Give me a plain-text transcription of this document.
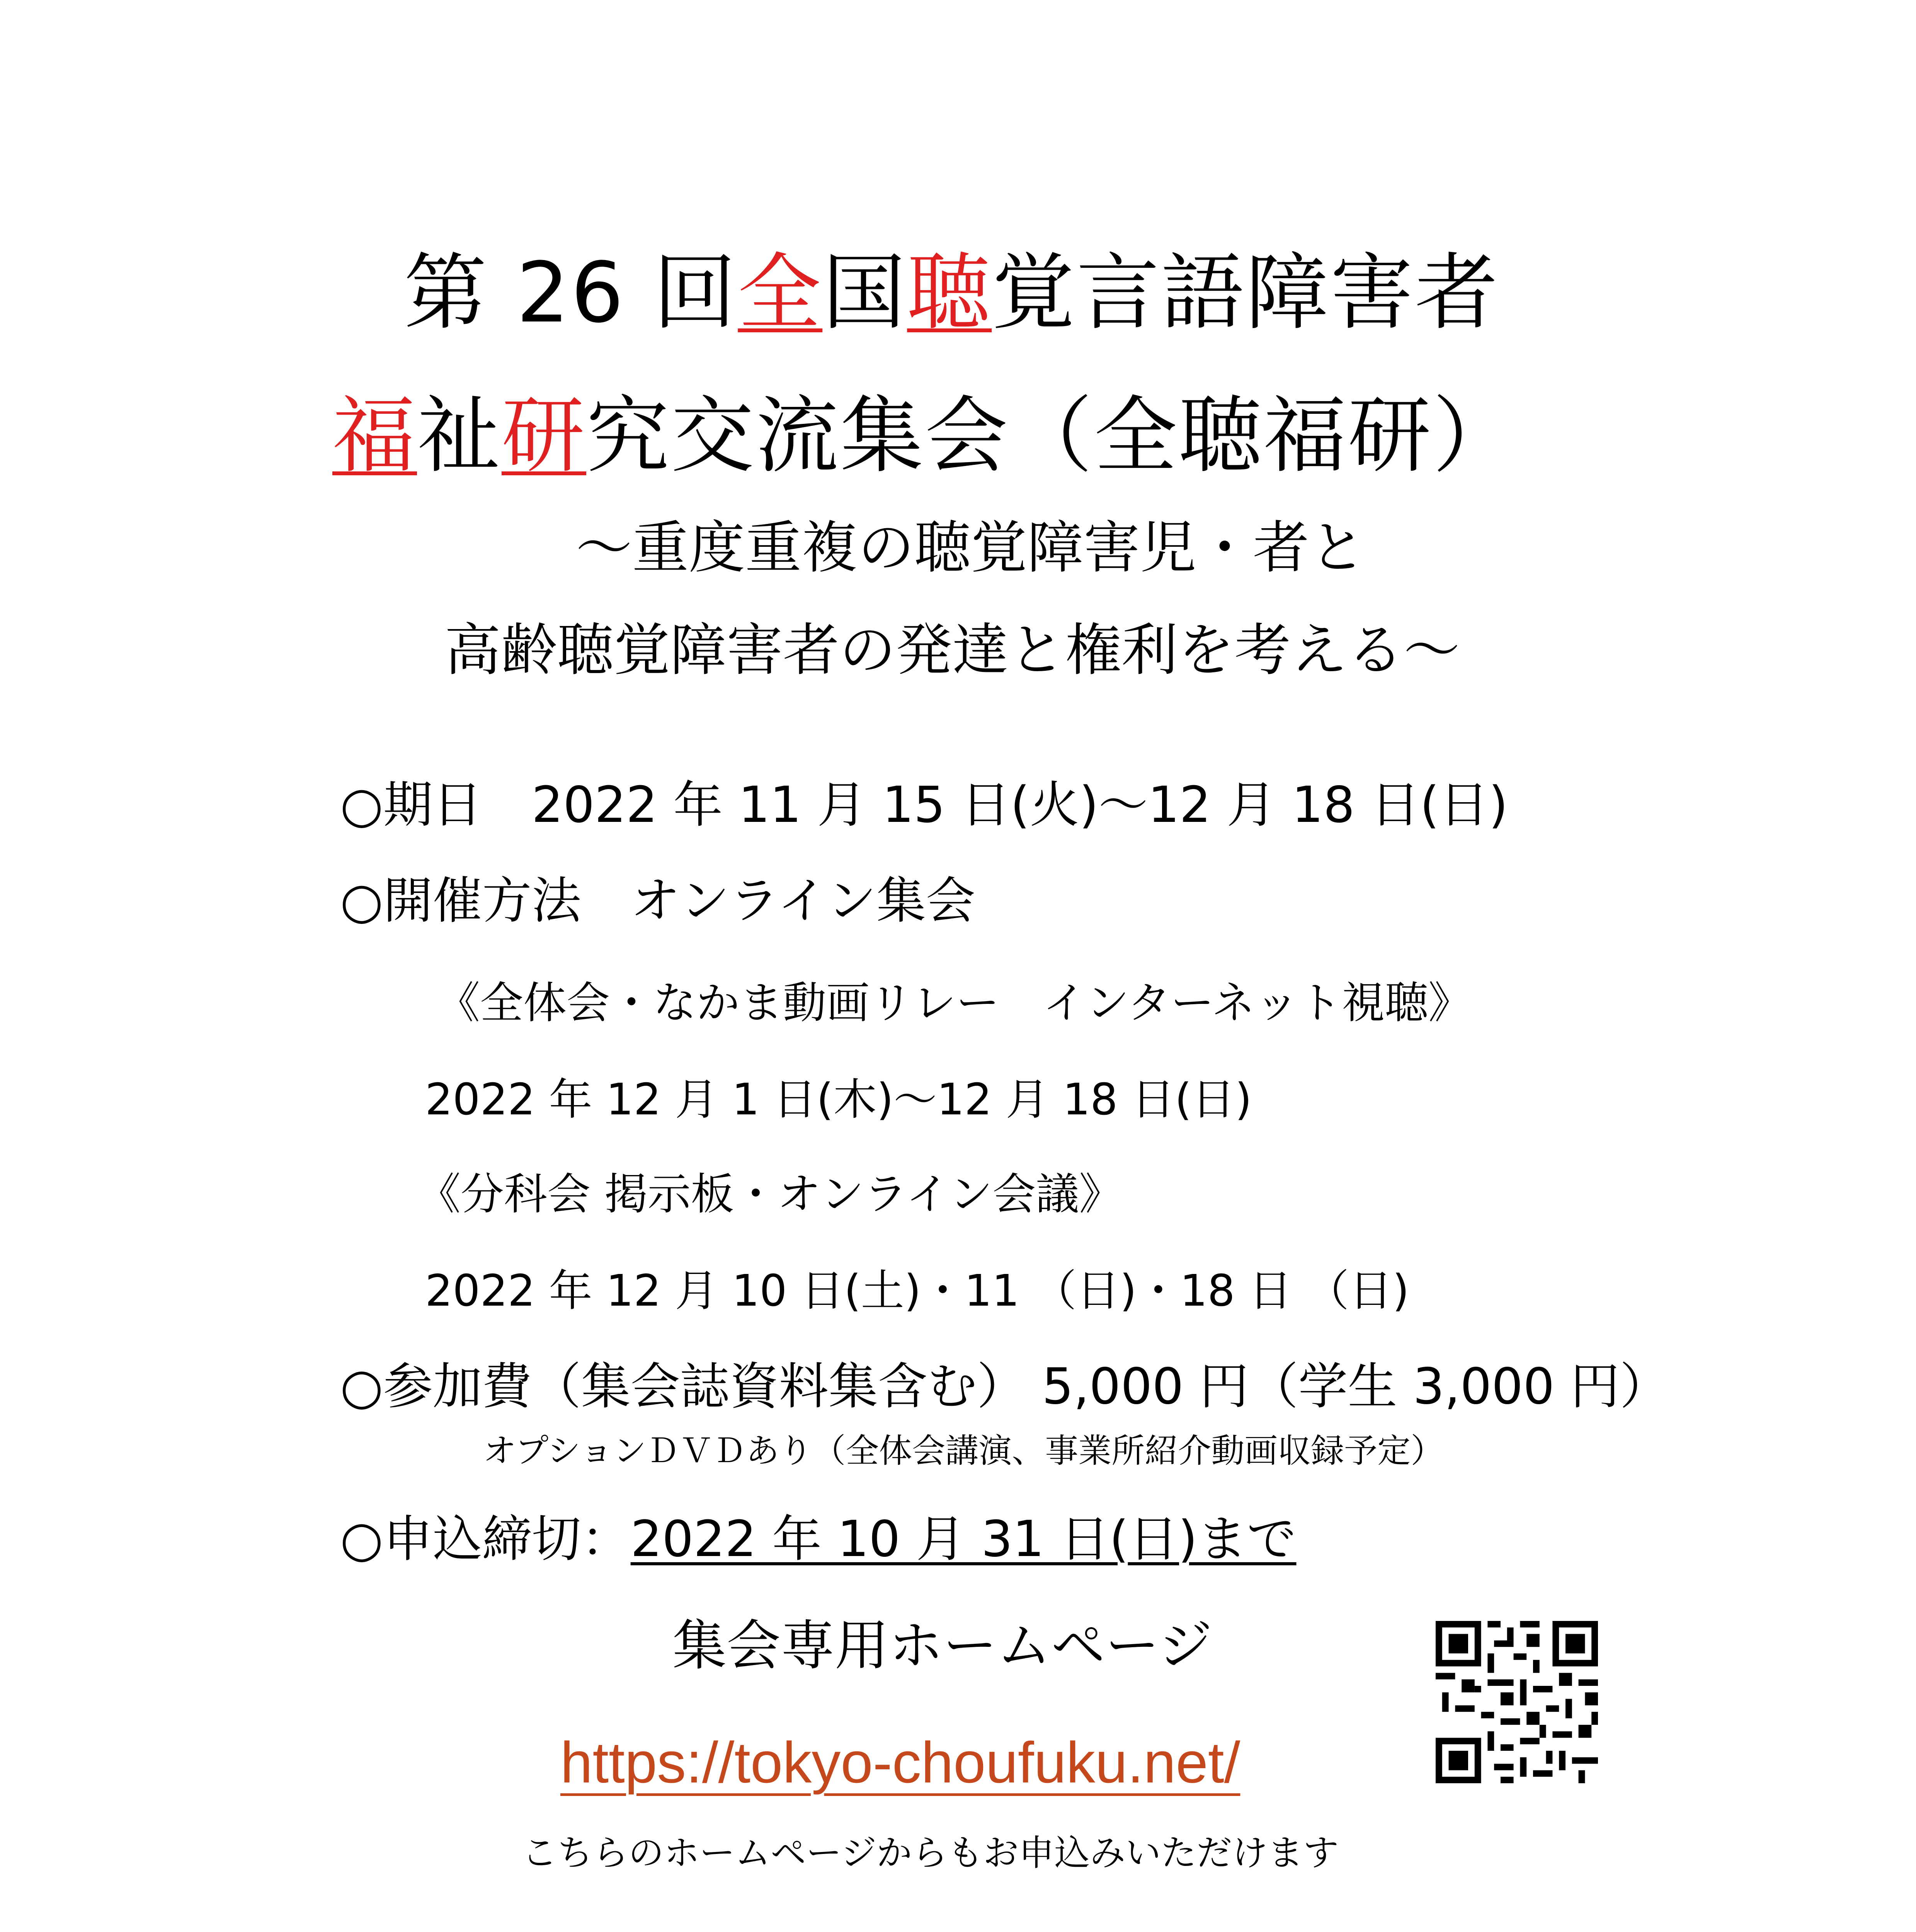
第 26 回全国聴覚言語障害者
福祉研究交流集会（全聴福研）
～重度重複の聴覚障害児・者と
高齢聴覚障害者の発達と権利を考える～
○期日　2022 年 11 月 15 日(火)～12 月 18 日(日)
○開催方法　オンライン集会
《全体会・なかま動画リレー　インターネット視聴》
2022 年 12 月 1 日(木)～12 月 18 日(日)
《分科会 掲示板・オンライン会議》
2022 年 12 月 10 日(土)・11 （日)・18 日 （日)
○参加費（集会誌資料集含む） 5,000 円（学生 3,000 円）
オプションＤＶＤあり（全体会講演、事業所紹介動画収録予定）
○申込締切：2022 年 10 月 31 日(日)まで
集会専用ホームページ
https://tokyo-choufuku.net/
こちらのホームページからもお申込みいただけます
